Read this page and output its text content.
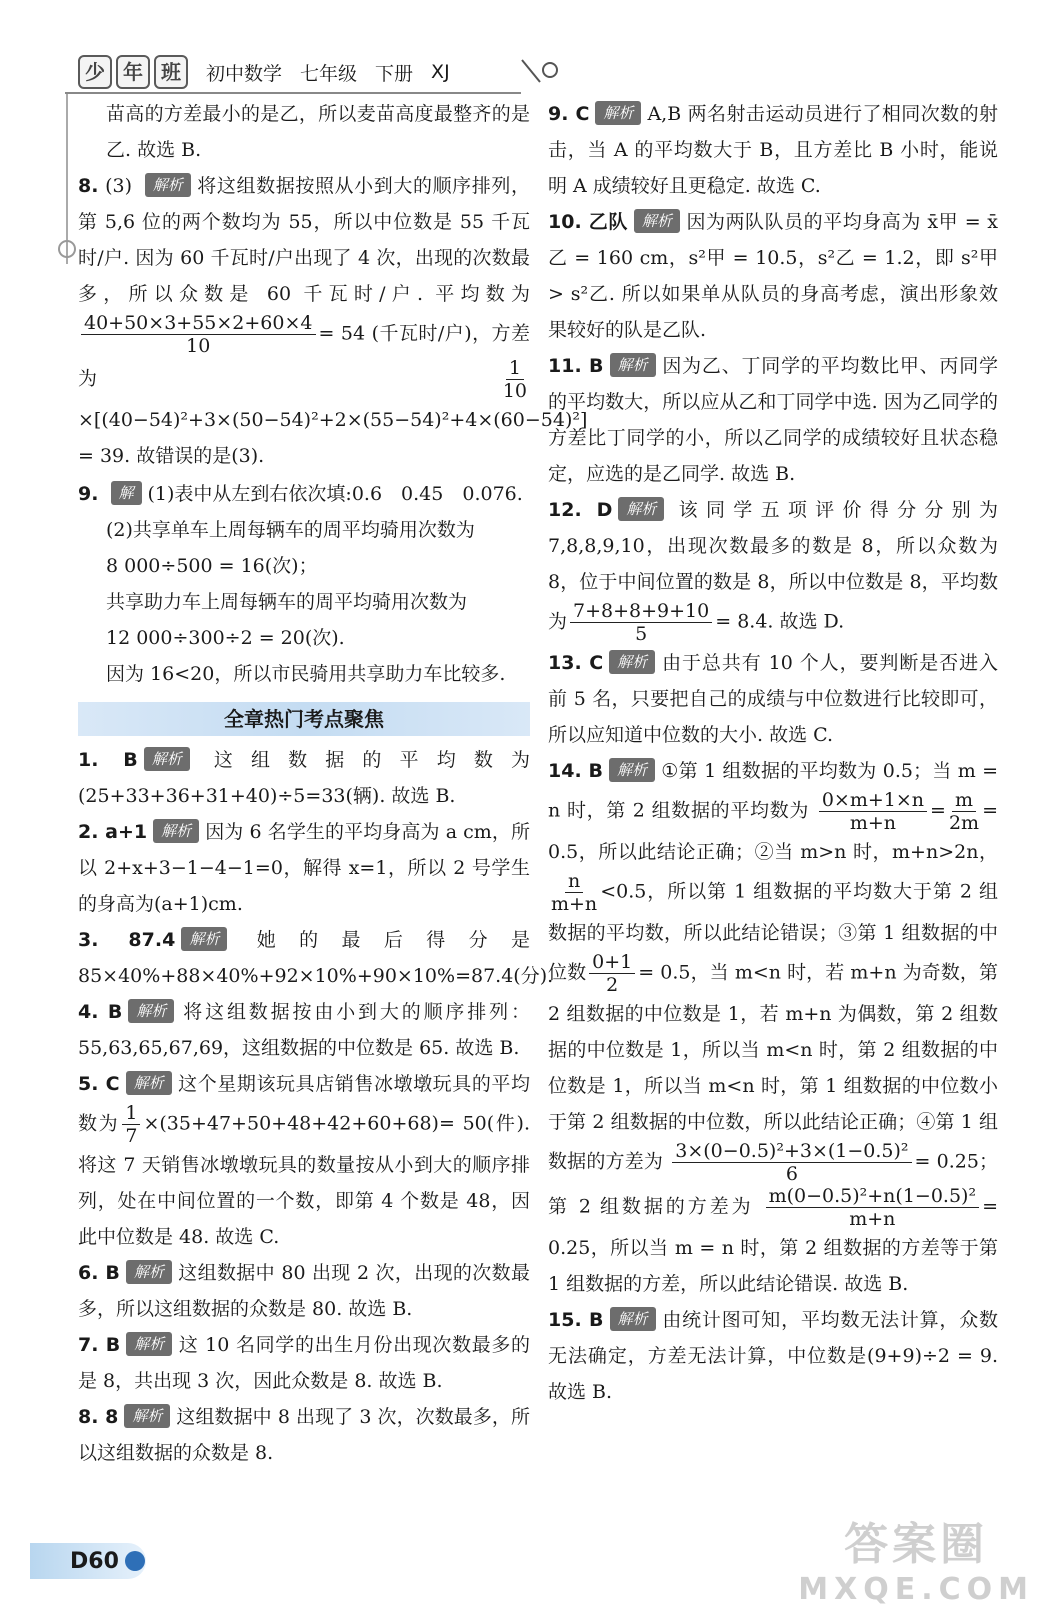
少 年 班	初中数学 七年级 下册 XJ

苗高的方差最小的是乙，所以麦苗高度最整齐的是乙. 故选 B.

8. (3) 解析 将这组数据按照从小到大的顺序排列，第 5,6 位的两个数均为 55，所以中位数是 55 千瓦时/户. 因为 60 千瓦时/户出现了 4 次，出现的次数最多，所以众数是 60 千瓦时/户. 平均数为
$\frac{40+50\times 3+55\times 2+60\times 4}{10} = 54$ (千瓦时/户)，方差为	$\frac{1}{10}$
×[(40−54)²+3×(50−54)²+2×(55−54)²+4×(60−54)²] = 39. 故错误的是(3).

9. 解 (1)表中从左到右依次填:0.6　0.45　0.076.

(2)共享单车上周每辆车的周平均骑用次数为

8 000÷500 = 16(次)；

共享助力车上周每辆车的周平均骑用次数为

12 000÷300÷2 = 20(次).

因为 16<20，所以市民骑用共享助力车比较多.

全章热门考点聚焦

1. B 解析 这组数据的平均数为(25+33+36+31+40)÷5=33(辆). 故选 B.

2. a+1 解析 因为 6 名学生的平均身高为 a cm，所以 2+x+3−1−4−1=0，解得 x=1，所以 2 号学生的身高为(a+1)cm.

3. 87.4 解析 她的最后得分是 85×40%+88×40%+92×10%+90×10%=87.4(分).

4. B 解析 将这组数据按由小到大的顺序排列：55,63,65,67,69，这组数据的中位数是 65. 故选 B.

5. C 解析 这个星期该玩具店销售冰墩墩玩具的平均数为 $\frac{1}{7} \times(35+47+50+48+42+60+68)= 50$(件). 将这 7 天销售冰墩墩玩具的数量按从小到大的顺序排列，处在中间位置的一个数，即第 4 个数是 48，因此中位数是 48. 故选 C.

6. B 解析 这组数据中 80 出现 2 次，出现的次数最多，所以这组数据的众数是 80. 故选 B.

7. B 解析 这 10 名同学的出生月份出现次数最多的是 8，共出现 3 次，因此众数是 8. 故选 B.

8. 8 解析 这组数据中 8 出现了 3 次，次数最多，所以这组数据的众数是 8.

9. C 解析 A,B 两名射击运动员进行了相同次数的射击，当 A 的平均数大于 B，且方差比 B 小时，能说明 A 成绩较好且更稳定. 故选 C.

10. 乙队 解析 因为两队队员的平均身高为 x̄甲 = x̄乙 = 160 cm，s²甲 = 10.5，s²乙 = 1.2，即 s²甲 > s²乙. 所以如果单从队员的身高考虑，演出形象效果较好的队是乙队.

11. B 解析 因为乙、丁同学的平均数比甲、丙同学的平均数大，所以应从乙和丁同学中选. 因为乙同学的方差比丁同学的小，所以乙同学的成绩较好且状态稳定，应选的是乙同学. 故选 B.

12. D 解析 该同学五项评价得分分别为 7,8,8,9,10，出现次数最多的数是 8，所以众数为 8，位于中间位置的数是 8，所以中位数是 8，平均数为 $\frac{7+8+8+9+10}{5} = 8.4$. 故选 D.

13. C 解析 由于总共有 10 个人，要判断是否进入前 5 名，只要把自己的成绩与中位数进行比较即可，所以应知道中位数的大小. 故选 C.

14. B 解析 ①第 1 组数据的平均数为 0.5；当 m = n 时，第 2 组数据的平均数为 $\frac{0\times m+1\times n}{m+n} = \frac{m}{2m} = 0.5$，所以此结论正确；②当 m>n 时，m+n>2n，
$\frac{n}{m+n} <0.5$，所以第 1 组数据的平均数大于第 2 组数据的平均数，所以此结论错误；③第 1 组数据的中位数 $\frac{0+1}{2} = 0.5$，当 m<n 时，若 m+n 为奇数，第 2 组数据的中位数是 1，若 m+n 为偶数，第 2 组数据的中位数是 1，所以当 m<n 时，第 2 组数据的中位数是 1，所以当 m<n 时，第 1 组数据的中位数小于第 2 组数据的中位数，所以此结论正确；④第 1 组数据的方差为 $\frac{\text{3×(0−0.5)²+3×(1−0.5)²}}{6} = 0.25$；第 2 组数据的方差为 $\frac{\text{m(0−0.5)²+n(1−0.5)²}}{m+n} = 0.25$，所以当 m = n 时，第 2 组数据的方差等于第 1 组数据的方差，所以此结论错误. 故选 B.

15. B 解析 由统计图可知，平均数无法计算，众数无法确定，方差无法计算，中位数是(9+9)÷2 = 9. 故选 B.

D60	答案圈
MXQE.COM
